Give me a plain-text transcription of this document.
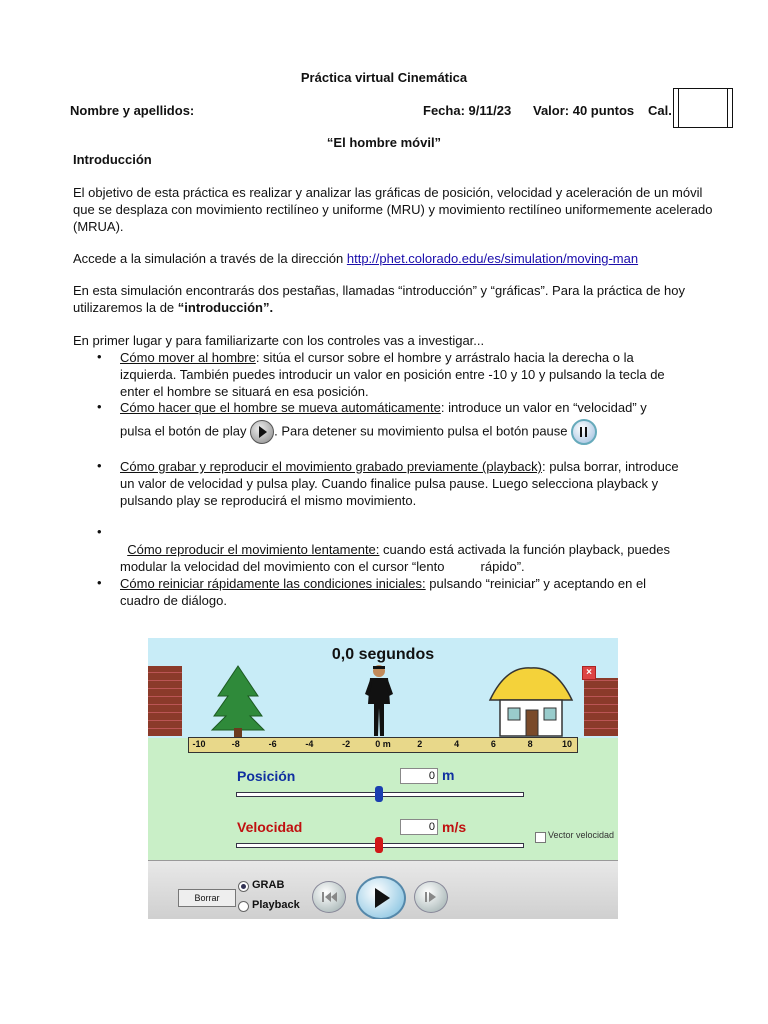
Práctica virtual Cinemática
Nombre y apellidos:	Fecha: 9/11/23 Valor: 40 puntos Cal.
“El hombre móvil”
Introducción
El objetivo de esta práctica es realizar y analizar las gráficas de posición, velocidad y aceleración de un móvil que se desplaza con movimiento rectilíneo y uniforme (MRU) y movimiento rectilíneo uniformemente acelerado (MRUA).
Accede a la simulación a través de la dirección http://phet.colorado.edu/es/simulation/moving-man
En esta simulación encontrarás dos pestañas, llamadas “introducción” y “gráficas”. Para la práctica de hoy utilizaremos la de “introducción”.
En primer lugar y para familiarizarte con los controles vas a investigar...
• Cómo mover al hombre: sitúa el cursor sobre el hombre y arrástralo hacia la derecha o la izquierda. También puedes introducir un valor en posición entre -10 y 10 y pulsando la tecla de enter el hombre se situará en esa posición.
• Cómo hacer que el hombre se mueva automáticamente: introduce un valor en “velocidad” y
pulsa el botón de play . Para detener su movimiento pulsa el botón pause
• Cómo grabar y reproducir el movimiento grabado previamente (playback): pulsa borrar, introduce un valor de velocidad y pulsa play. Cuando finalice pulsa pause. Luego selecciona playback y pulsando play se reproducirá el mismo movimiento.
•

Cómo reproducir el movimiento lentamente: cuando está activada la función playback, puedes modular la velocidad del movimiento con el cursor “lento          rápido”.

• Cómo reiniciar rápidamente las condiciones iniciales: pulsando “reiniciar” y aceptando en el cuadro de diálogo.
0,0 segundos
×
-10	-8	-6	-4	-2	0 m	2	4	6	8	10
Posición	0 m
Velocidad	0 m/s	Vector velocidad
Borrar
GRAB
Playback
